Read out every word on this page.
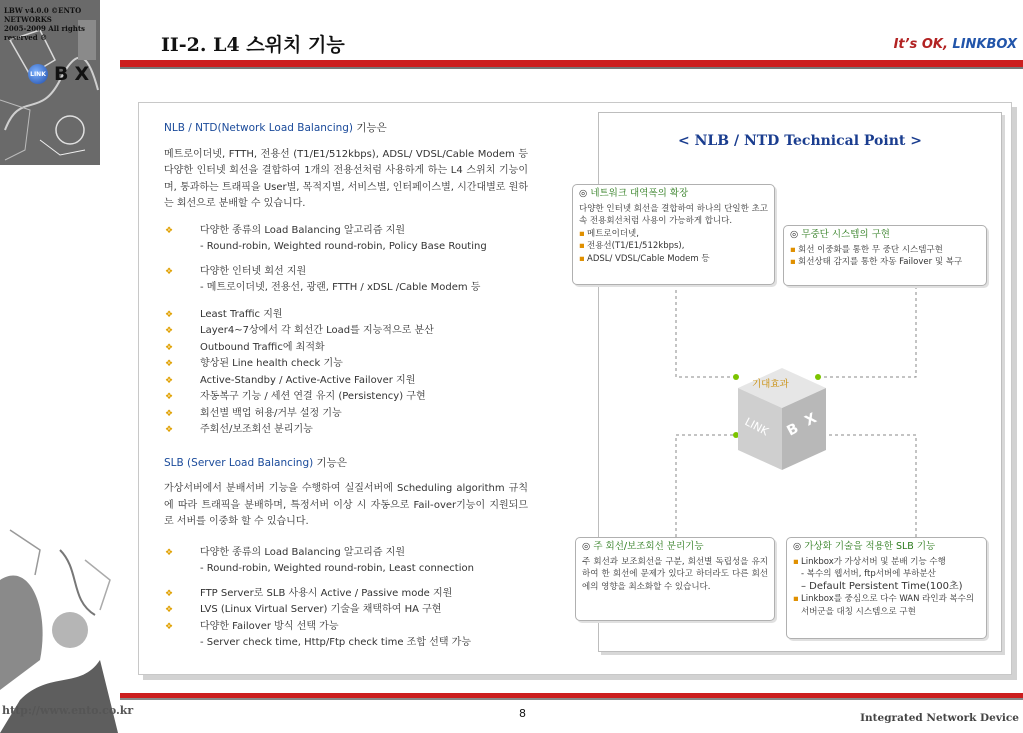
LBW v4.0.0 ©ENTO NETWORKS
2005-2009 All rights reserved ®
LINK B X
http://www.ento.co.kr
II-2. L4 스위치 기능	It’s OK, LINKBOX
NLB / NTD(Network Load Balancing) 기능은

메트로이더넷, FTTH, 전용선 (T1/E1/512kbps), ADSL/ VDSL/Cable Modem 등 다양한 인터넷 회선을 결합하여 1개의 전용선처럼 사용하게 하는 L4 스위치 기능이며, 통과하는 트래픽을 User별, 목적지별, 서비스별, 인터페이스별, 시간대별로 원하는 회선으로 분배할 수 있습니다.

❖ 다양한 종류의 Load Balancing 알고리즘 지원
- Round-robin, Weighted round-robin, Policy Base Routing
❖ 다양한 인터넷 회선 지원
- 메트로이더넷, 전용선, 광랜, FTTH / xDSL /Cable Modem 등
❖ Least Traffic 지원
❖ Layer4~7상에서 각 회선간 Load를 지능적으로 분산
❖ Outbound Traffic에 최적화
❖ 향상된 Line health check 기능
❖ Active-Standby / Active-Active Failover 지원
❖ 자동복구 기능 / 세션 연결 유지 (Persistency) 구현
❖ 회선별 백업 허용/거부 설정 기능
❖ 주회선/보조회선 분리기능
SLB (Server Load Balancing) 기능은

가상서버에서 분배서버 기능을 수행하여 실질서버에 Scheduling algorithm 규칙에 따라 트래픽을 분배하며, 특정서버 이상 시 자동으로 Fail-over기능이 지원되므로 서버를 이중화 할 수 있습니다.

❖ 다양한 종류의 Load Balancing 알고리즘 지원
- Round-robin, Weighted round-robin, Least connection
❖ FTP Server로 SLB 사용시 Active / Passive mode 지원
❖ LVS (Linux Virtual Server) 기술을 채택하여 HA 구현
❖ 다양한 Failover 방식 선택 가능
- Server check time, Http/Ftp check time 조합 선택 가능
< NLB / NTD Technical Point >
LINK B
X
기대효과
◎ 네트워크 대역폭의 확장
다양한 인터넷 회선을 결합하여 하나의 단일한 초고속 전용회선처럼 사용이 가능하게 합니다.
▪ 메트로이더넷,
▪ 전용선(T1/E1/512kbps),
▪ ADSL/ VDSL/Cable Modem 등
◎ 무중단 시스템의 구현
▪ 회선 이중화를 통한 무 중단 시스템구현
▪ 회선상태 감지를 통한 자동 Failover 및 복구
◎ 주 회선/보조회선 분리기능
주 회선과 보조회선을 구분, 회선별 독립성을 유지하여 한 회선에 문제가 있다고 하더라도 다른 회선에의 영향을 최소화할 수 있습니다.
◎ 가상화 기술을 적용한 SLB 기능
▪ Linkbox가 가상서버 및 분배 기능 수행
- 복수의 웹서버, ftp서버에 부하분산
– Default Persistent Time(100초)
▪ Linkbox를 중심으로 다수 WAN 라인과 복수의 서버군을 대칭 시스템으로 구현
8	Integrated Network Device
